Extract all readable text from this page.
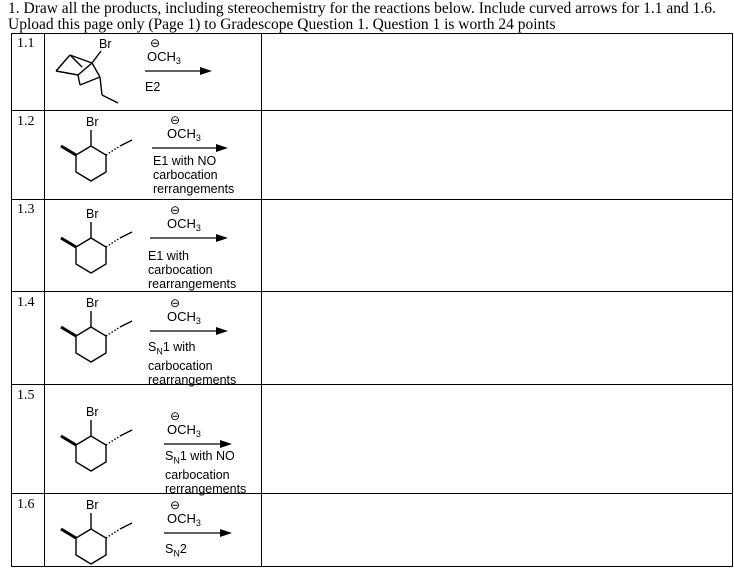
1. Draw all the products, including stereochemistry for the reactions below. Include curved arrows for 1.1 and 1.6.
Upload this page only (Page 1) to Gradescope Question 1. Question 1 is worth 24 points
1.1	Br	⊖
$OCH_3$
E2
1.2	Br	⊖
$OCH_3$
E1 with NO
carbocation
rerrangements
1.3	Br	⊖
$OCH_3$
E1 with
carbocation
rearrangements
1.4	Br	⊖
$OCH_3$
$S_N1$ with
carbocation
rearrangements
1.5
Br	⊖
$OCH_3$
$S_N1$ with NO
carbocation
rerrangements
1.6	Br	⊖
$OCH_3$
$S_N2$
